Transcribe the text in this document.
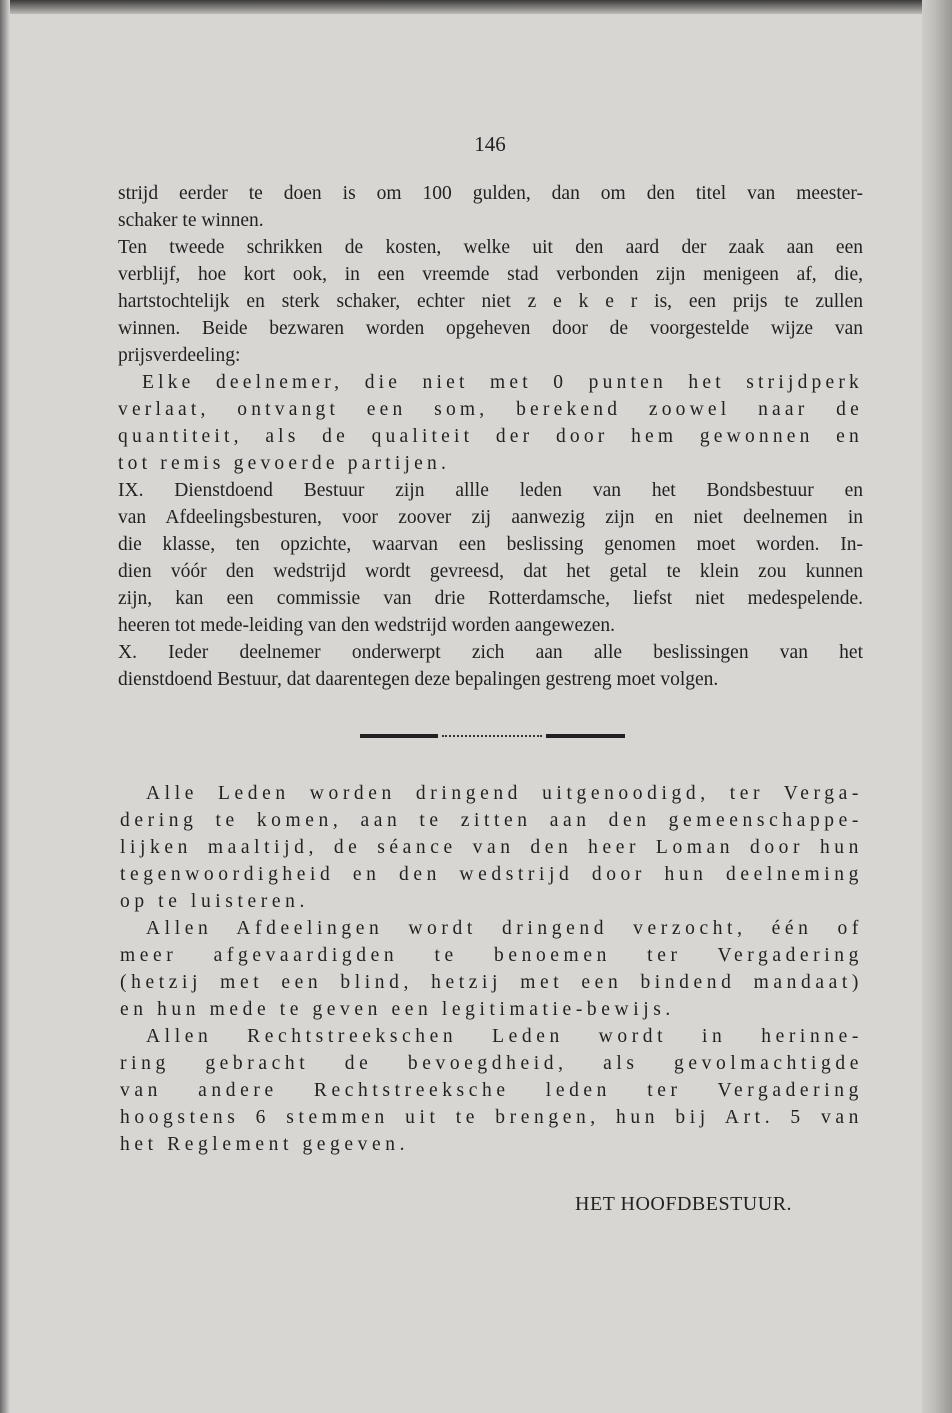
146
strijd eerder te doen is om 100 gulden, dan om den titel van meester-
schaker te winnen.
Ten tweede schrikken de kosten, welke uit den aard der zaak aan een
verblijf, hoe kort ook, in een vreemde stad verbonden zijn menigeen af, die,
hartstochtelijk en sterk schaker, echter niet z e k e r is, een prijs te zullen
winnen. Beide bezwaren worden opgeheven door de voorgestelde wijze van
prijsverdeeling:
Elke deelnemer, die niet met 0 punten het strijdperk
verlaat, ontvangt een som, berekend zoowel naar de
quantiteit, als de qualiteit der door hem gewonnen en
tot remis gevoerde partijen.
IX. Dienstdoend Bestuur zijn allle leden van het Bondsbestuur en
van Afdeelingsbesturen, voor zoover zij aanwezig zijn en niet deelnemen in
die klasse, ten opzichte, waarvan een beslissing genomen moet worden. In-
dien vóór den wedstrijd wordt gevreesd, dat het getal te klein zou kunnen
zijn, kan een commissie van drie Rotterdamsche, liefst niet medespelende.
heeren tot mede-leiding van den wedstrijd worden aangewezen.
X. Ieder deelnemer onderwerpt zich aan alle beslissingen van het
dienstdoend Bestuur, dat daarentegen deze bepalingen gestreng moet volgen.
Alle Leden worden dringend uitgenoodigd, ter Verga-
dering te komen, aan te zitten aan den gemeenschappe-
lijken maaltijd, de séance van den heer Loman door hun
tegenwoordigheid en den wedstrijd door hun deelneming
op te luisteren.
Allen Afdeelingen wordt dringend verzocht, één of
meer afgevaardigden te benoemen ter Vergadering
(hetzij met een blind, hetzij met een bindend mandaat)
en hun mede te geven een legitimatie-bewijs.
Allen Rechtstreekschen Leden wordt in herinne-
ring gebracht de bevoegdheid, als gevolmachtigde
van andere Rechtstreeksche leden ter Vergadering
hoogstens 6 stemmen uit te brengen, hun bij Art. 5 van
het Reglement gegeven.
HET HOOFDBESTUUR.
